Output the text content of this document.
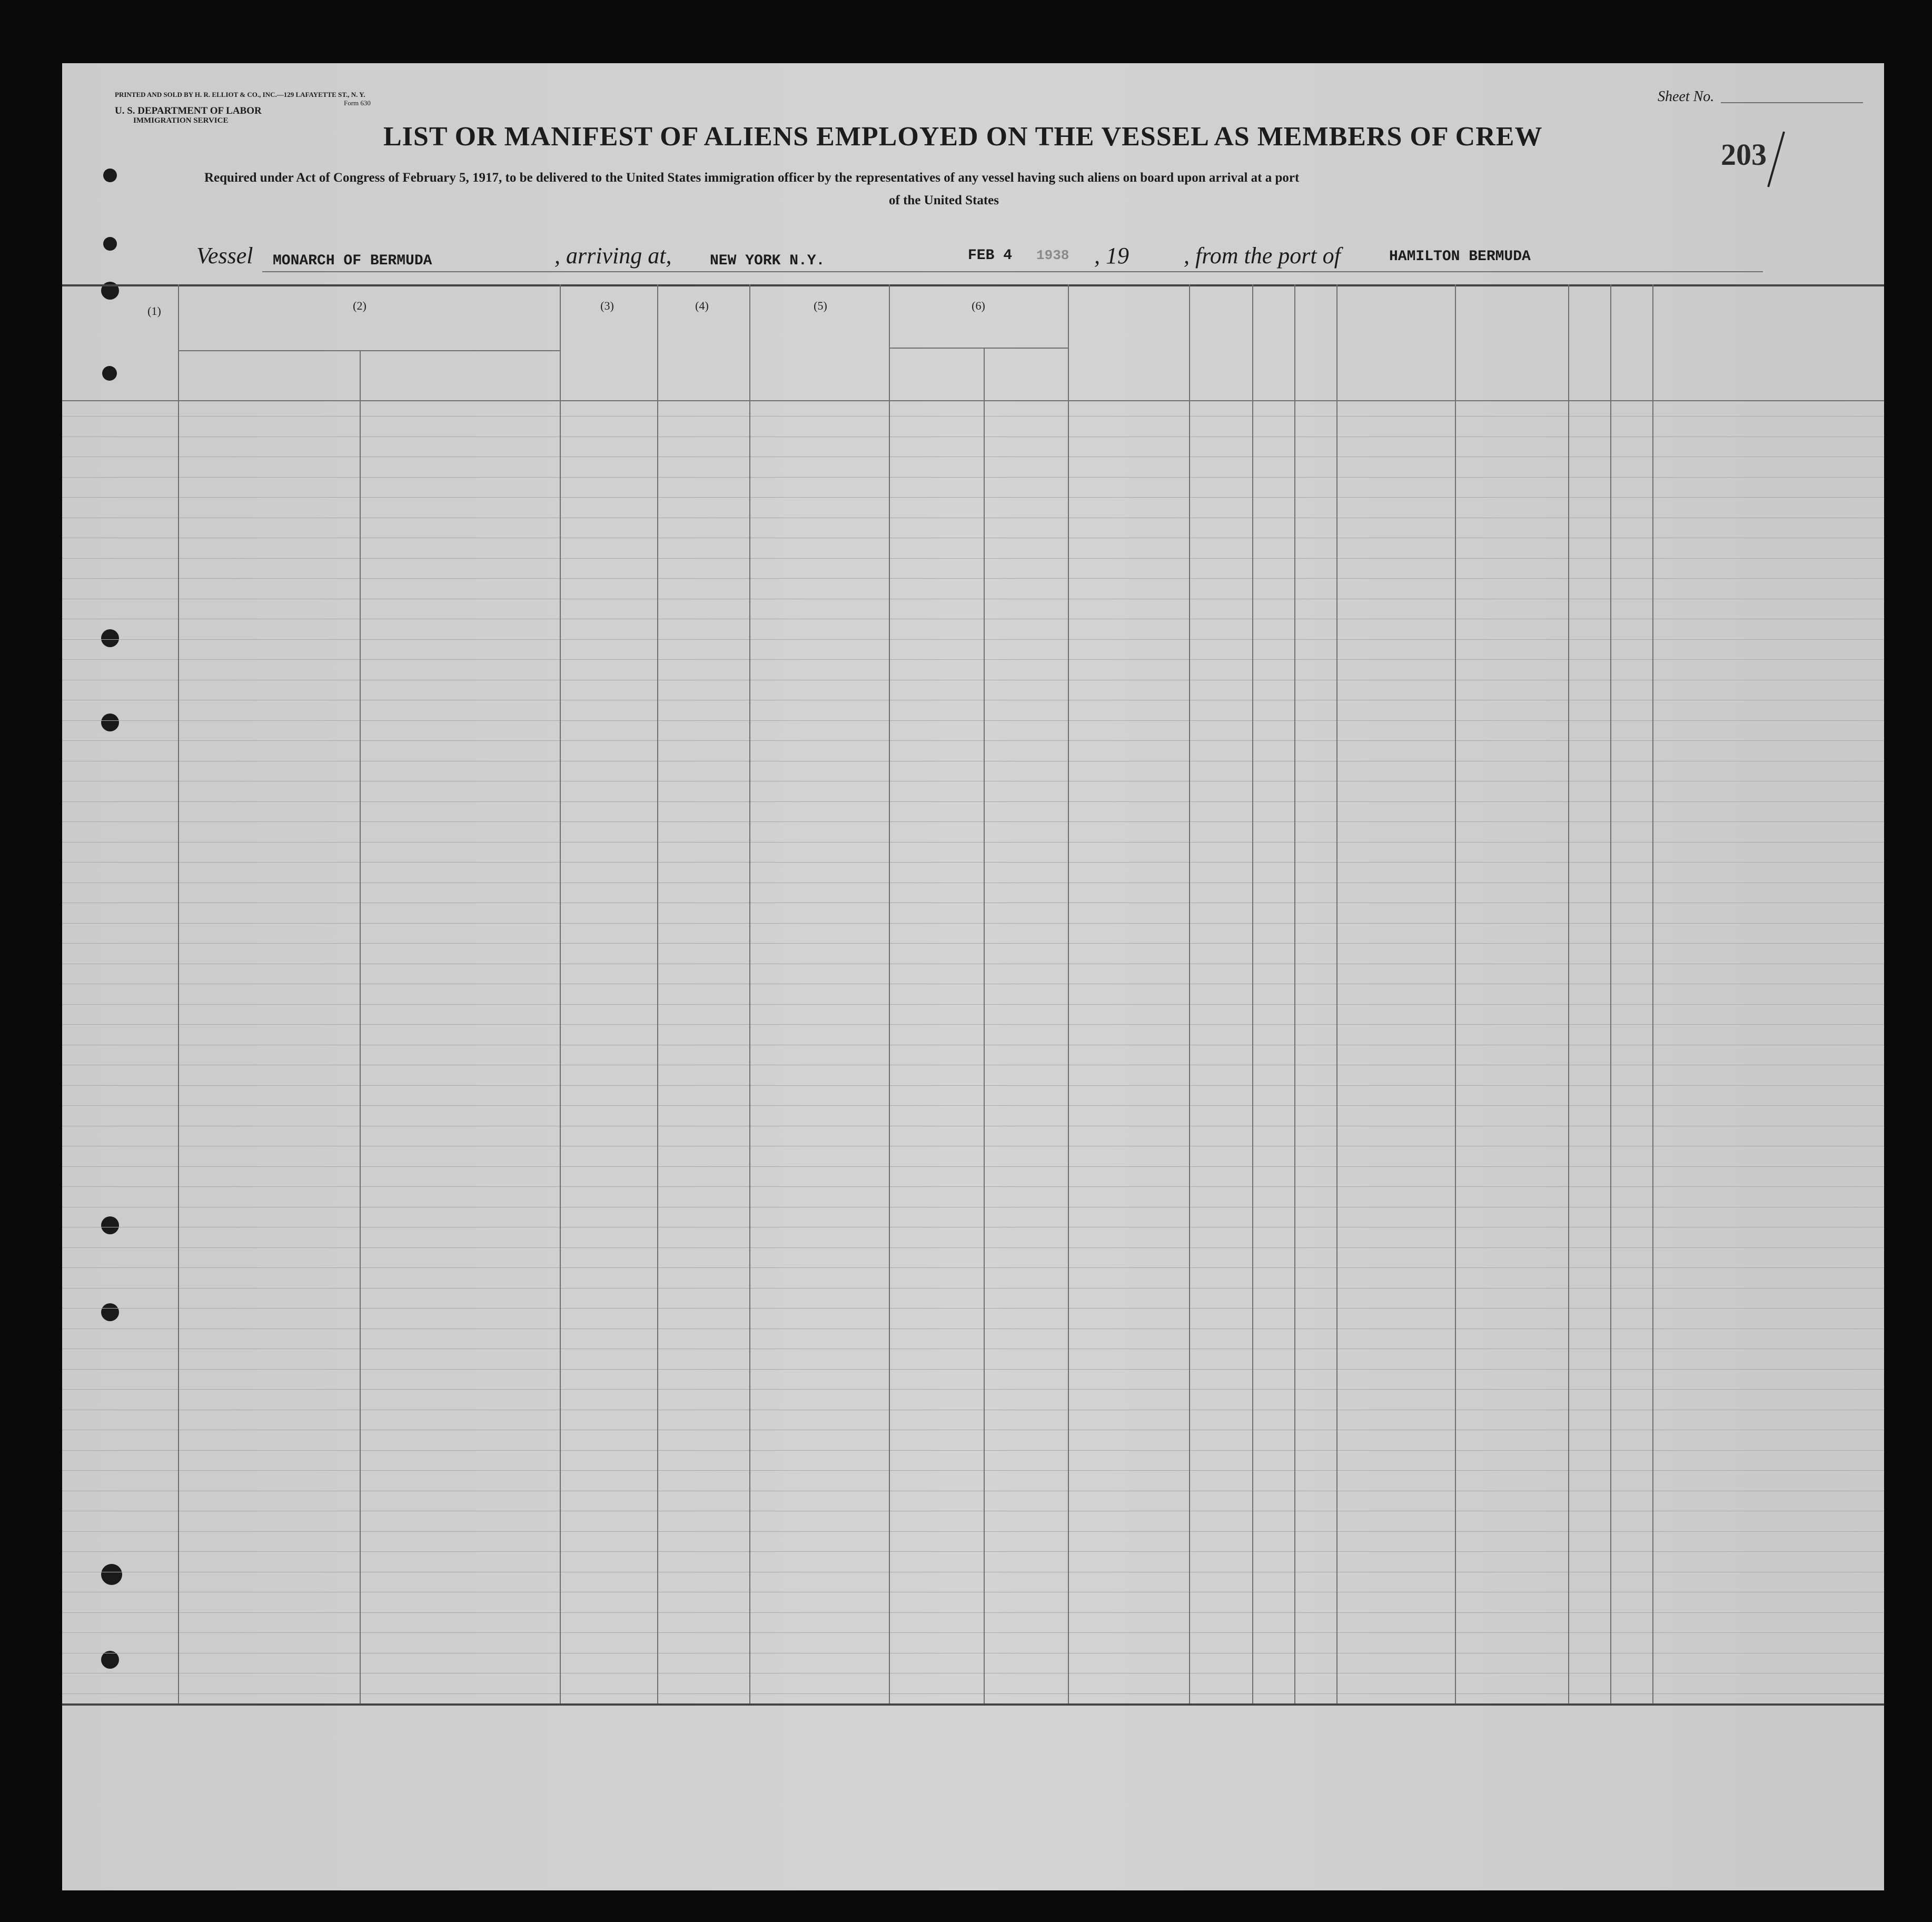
PRINTED AND SOLD BY H. R. ELLIOT & CO., INC.—129 LAFAYETTE ST., N. Y.
Form 630
U. S. DEPARTMENT OF LABOR
IMMIGRATION SERVICE
Sheet No.
203
LIST OR MANIFEST OF ALIENS EMPLOYED ON THE VESSEL AS MEMBERS OF CREW
Required under Act of Congress of February 5, 1917, to be delivered to the United States immigration officer by the representatives of any vessel having such aliens on board upon arrival at a port
of the United States
Vessel MONARCH OF BERMUDA	, arriving at,	NEW YORK N.Y.	FEB 4 1938 , 19 , from the port of	HAMILTON BERMUDA
(1)	(2)	(3)	(4)	(5)	(6)
